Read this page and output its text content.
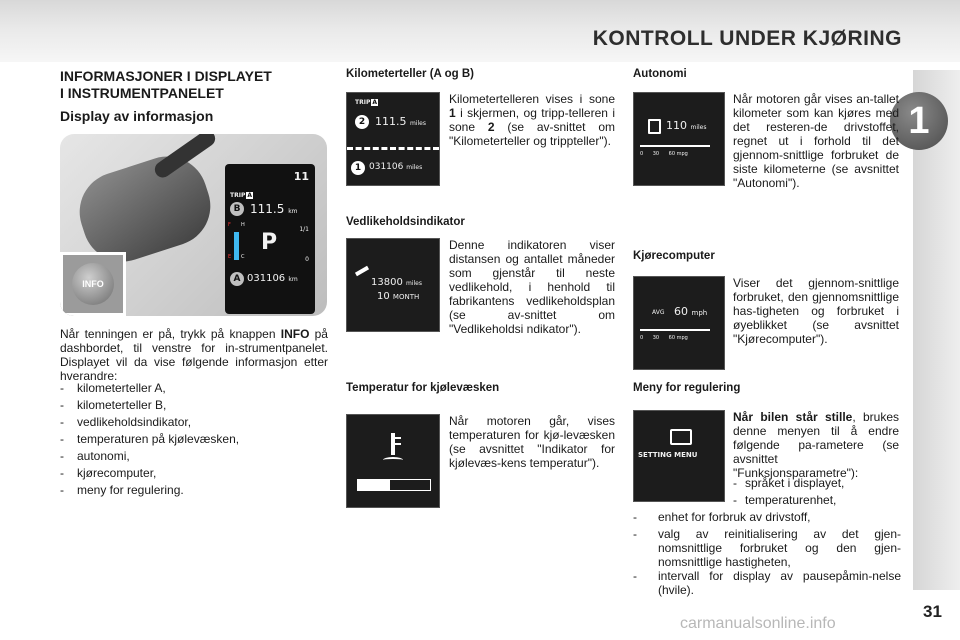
KONTROLL UNDER KJØRING
1
INFORMASJONER I DISPLAYET
I INSTRUMENTPANELET
Display av informasjon
INFO
11
TRIP A
B 111.5 km
F
E
H
C
P
1/1
0
A 031106 km
Når tenningen er på, trykk på knappen INFO på dashbordet, til venstre for in-strumentpanelet. Displayet vil da vise følgende informasjon etter hverandre:
-	kilometerteller A,
-	kilometerteller B,
-	vedlikeholdsindikator,
-	temperaturen på kjølevæsken,
-	autonomi,
-	kjørecomputer,
-	meny for regulering.
Kilometerteller (A og B)
TRIP A
2 111.5 miles
1 031106 miles
Kilometertelleren vises i sone 1 i skjermen, og tripp-telleren i sone 2 (se av-snittet om "Kilometerteller og trippteller").
Vedlikeholdsindikator
13800 miles
10 MONTH
Denne indikatoren viser distansen og antallet måneder som gjenstår til neste vedlikehold, i henhold til fabrikantens vedlikeholdsplan (se av-snittet om "Vedlikeholdsi ndikator").
Temperatur for kjølevæsken
Når motoren går, vises temperaturen for kjø-levæsken (se avsnittet "Indikator for kjølevæs-kens temperatur").
Autonomi
110 miles
0 30 60 mpg
Når motoren går vises an-tallet kilometer som kan kjøres med det resteren-de drivstoffet, regnet ut i forhold til det gjennom-snittlige forbruket de siste kilometerne (se avsnittet "Autonomi").
Kjørecomputer
AVG 60 mph
0 30 60 mpg
Viser det gjennom-snittlige forbruket, den gjennomsnittlige has-tigheten og forbruket i øyeblikket (se avsnittet "Kjørecomputer").
Meny for regulering
SETTING MENU
Når bilen står stille, brukes denne menyen til å endre følgende pa-rametere (se avsnittet "Funksjonsparametre"):
- språket i displayet,
- temperaturenhet,
-	enhet for forbruk av drivstoff,
-	valg av reinitialisering av det gjen-nomsnittlige forbruket og den gjen-nomsnittlige hastigheten,
-	intervall for display av pausepåmin-nelse (hvile).
31
carmanualsonline.info
